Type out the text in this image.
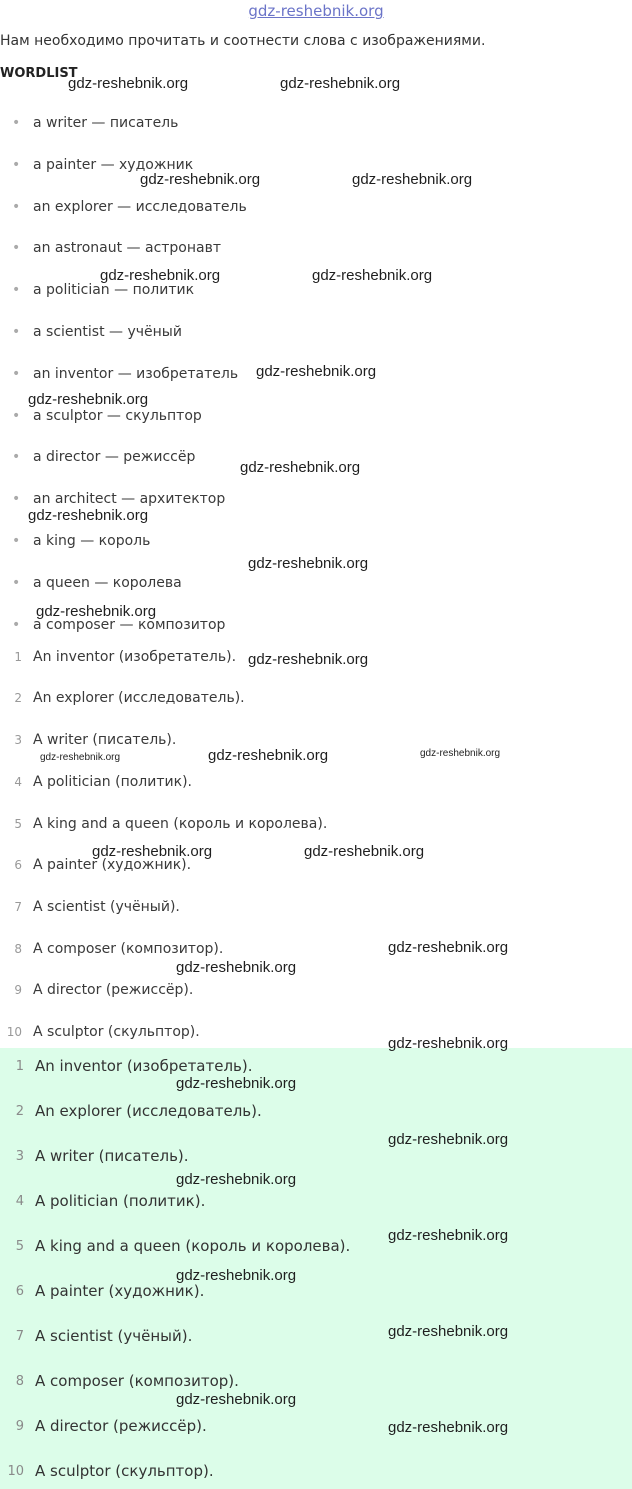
gdz-reshebnik.org
Нам необходимо прочитать и соотнести слова с изображениями.
WORDLIST
• a writer — писатель
• a painter — художник
• an explorer — исследователь
• an astronaut — астронавт
• a politician — политик
• a scientist — учёный
• an inventor — изобретатель
• a sculptor — скульптор
• a director — режиссёр
• an architect — архитектор
• a king — король
• a queen — королева
• a composer — композитор
1 An inventor (изобретатель).
2 An explorer (исследователь).
3 A writer (писатель).
4 A politician (политик).
5 A king and a queen (король и королева).
6 A painter (художник).
7 A scientist (учёный).
8 A composer (композитор).
9 A director (режиссёр).
10 A sculptor (скульптор).
1 An inventor (изобретатель).
2 An explorer (исследователь).
3 A writer (писатель).
4 A politician (политик).
5 A king and a queen (король и королева).
6 A painter (художник).
7 A scientist (учёный).
8 A composer (композитор).
9 A director (режиссёр).
10 A sculptor (скульптор).
gdz-reshebnik.org	gdz-reshebnik.org
gdz-reshebnik.org	gdz-reshebnik.org
gdz-reshebnik.org	gdz-reshebnik.org
gdz-reshebnik.org
gdz-reshebnik.org
gdz-reshebnik.org
gdz-reshebnik.org
gdz-reshebnik.org
gdz-reshebnik.org
gdz-reshebnik.org
gdz-reshebnik.org
gdz-reshebnik.org	gdz-reshebnik.org
gdz-reshebnik.org	gdz-reshebnik.org
gdz-reshebnik.org
gdz-reshebnik.org
gdz-reshebnik.org
gdz-reshebnik.org
gdz-reshebnik.org
gdz-reshebnik.org
gdz-reshebnik.org
gdz-reshebnik.org
gdz-reshebnik.org
gdz-reshebnik.org
gdz-reshebnik.org
